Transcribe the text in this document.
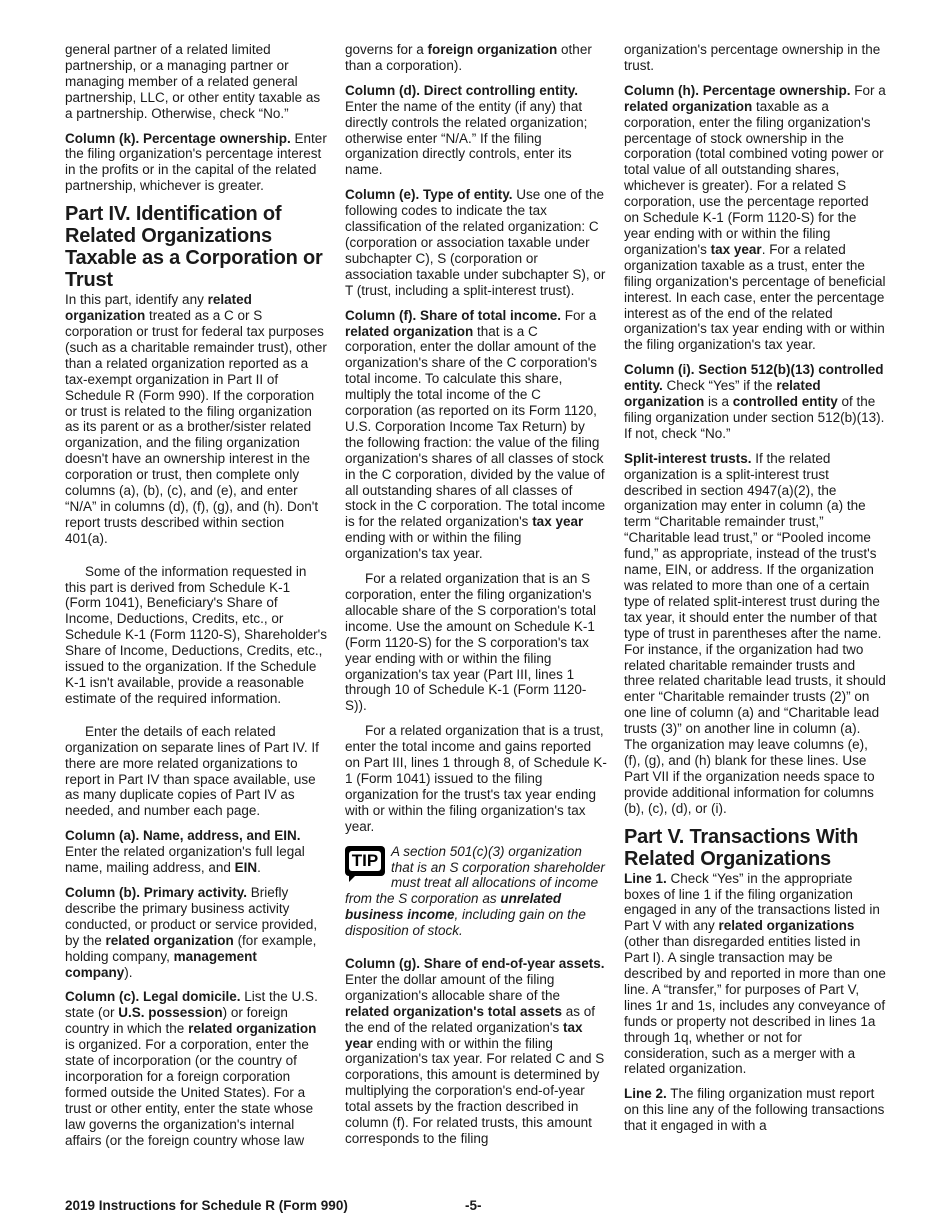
general partner of a related limited partnership, or a managing partner or managing member of a related general partnership, LLC, or other entity taxable as a partnership. Otherwise, check “No.”

Column (k). Percentage ownership. Enter the filing organization's percentage interest in the profits or in the capital of the related partnership, whichever is greater.

Part IV. Identification of Related Organizations Taxable as a Corporation or Trust

In this part, identify any related organization treated as a C or S corporation or trust for federal tax purposes (such as a charitable remainder trust), other than a related organization reported as a tax-exempt organization in Part II of Schedule R (Form 990). If the corporation or trust is related to the filing organization as its parent or as a brother/sister related organization, and the filing organization doesn't have an ownership interest in the corporation or trust, then complete only columns (a), (b), (c), and (e), and enter “N/A” in columns (d), (f), (g), and (h). Don't report trusts described within section 401(a).

Some of the information requested in this part is derived from Schedule K-1 (Form 1041), Beneficiary's Share of Income, Deductions, Credits, etc., or Schedule K-1 (Form 1120-S), Shareholder's Share of Income, Deductions, Credits, etc., issued to the organization. If the Schedule K-1 isn't available, provide a reasonable estimate of the required information.

Enter the details of each related organization on separate lines of Part IV. If there are more related organizations to report in Part IV than space available, use as many duplicate copies of Part IV as needed, and number each page.

Column (a). Name, address, and EIN. Enter the related organization's full legal name, mailing address, and EIN.

Column (b). Primary activity. Briefly describe the primary business activity conducted, or product or service provided, by the related organization (for example, holding company, management company).

Column (c). Legal domicile. List the U.S. state (or U.S. possession) or foreign country in which the related organization is organized. For a corporation, enter the state of incorporation (or the country of incorporation for a foreign corporation formed outside the United States). For a trust or other entity, enter the state whose law governs the organization's internal affairs (or the foreign country whose law

governs for a foreign organization other than a corporation).

Column (d). Direct controlling entity. Enter the name of the entity (if any) that directly controls the related organization; otherwise enter “N/A.” If the filing organization directly controls, enter its name.

Column (e). Type of entity. Use one of the following codes to indicate the tax classification of the related organization: C (corporation or association taxable under subchapter C), S (corporation or association taxable under subchapter S), or T (trust, including a split-interest trust).

Column (f). Share of total income. For a related organization that is a C corporation, enter the dollar amount of the organization's share of the C corporation's total income. To calculate this share, multiply the total income of the C corporation (as reported on its Form 1120, U.S. Corporation Income Tax Return) by the following fraction: the value of the filing organization's shares of all classes of stock in the C corporation, divided by the value of all outstanding shares of all classes of stock in the C corporation. The total income is for the related organization's tax year ending with or within the filing organization's tax year.

For a related organization that is an S corporation, enter the filing organization's allocable share of the S corporation's total income. Use the amount on Schedule K-1 (Form 1120-S) for the S corporation's tax year ending with or within the filing organization's tax year (Part III, lines 1 through 10 of Schedule K-1 (Form 1120-S)).

For a related organization that is a trust, enter the total income and gains reported on Part III, lines 1 through 8, of Schedule K-1 (Form 1041) issued to the filing organization for the trust's tax year ending with or within the filing organization's tax year.

TIP A section 501(c)(3) organization that is an S corporation shareholder must treat all allocations of income from the S corporation as unrelated business income, including gain on the disposition of stock.

Column (g). Share of end-of-year assets. Enter the dollar amount of the filing organization's allocable share of the related organization's total assets as of the end of the related organization's tax year ending with or within the filing organization's tax year. For related C and S corporations, this amount is determined by multiplying the corporation's end-of-year total assets by the fraction described in column (f). For related trusts, this amount corresponds to the filing

organization's percentage ownership in the trust.

Column (h). Percentage ownership. For a related organization taxable as a corporation, enter the filing organization's percentage of stock ownership in the corporation (total combined voting power or total value of all outstanding shares, whichever is greater). For a related S corporation, use the percentage reported on Schedule K-1 (Form 1120-S) for the year ending with or within the filing organization's tax year. For a related organization taxable as a trust, enter the filing organization's percentage of beneficial interest. In each case, enter the percentage interest as of the end of the related organization's tax year ending with or within the filing organization's tax year.

Column (i). Section 512(b)(13) controlled entity. Check “Yes” if the related organization is a controlled entity of the filing organization under section 512(b)(13). If not, check “No.”

Split-interest trusts. If the related organization is a split-interest trust described in section 4947(a)(2), the organization may enter in column (a) the term “Charitable remainder trust,” “Charitable lead trust,” or “Pooled income fund,” as appropriate, instead of the trust's name, EIN, or address. If the organization was related to more than one of a certain type of related split-interest trust during the tax year, it should enter the number of that type of trust in parentheses after the name. For instance, if the organization had two related charitable remainder trusts and three related charitable lead trusts, it should enter “Charitable remainder trusts (2)” on one line of column (a) and “Charitable lead trusts (3)” on another line in column (a). The organization may leave columns (e), (f), (g), and (h) blank for these lines. Use Part VII if the organization needs space to provide additional information for columns (b), (c), (d), or (i).

Part V. Transactions With Related Organizations

Line 1. Check “Yes” in the appropriate boxes of line 1 if the filing organization engaged in any of the transactions listed in Part V with any related organizations (other than disregarded entities listed in Part I). A single transaction may be described by and reported in more than one line. A “transfer,” for purposes of Part V, lines 1r and 1s, includes any conveyance of funds or property not described in lines 1a through 1q, whether or not for consideration, such as a merger with a related organization.

Line 2. The filing organization must report on this line any of the following transactions that it engaged in with a

2019 Instructions for Schedule R (Form 990)	-5-
